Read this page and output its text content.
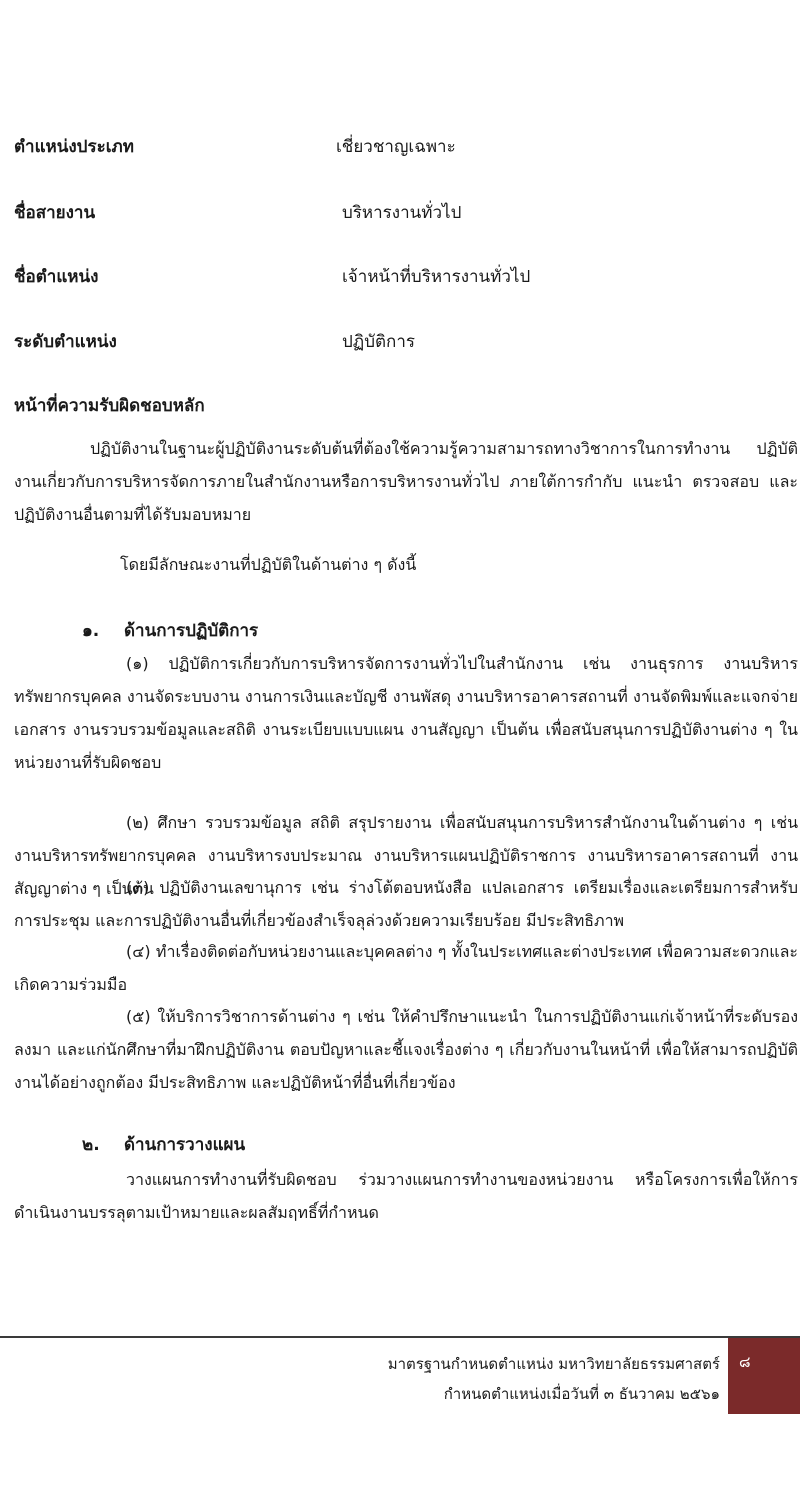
ตำแหน่งประเภท	เชี่ยวชาญเฉพาะ
ชื่อสายงาน	บริหารงานทั่วไป
ชื่อตำแหน่ง	เจ้าหน้าที่บริหารงานทั่วไป
ระดับตำแหน่ง	ปฏิบัติการ
หน้าที่ความรับผิดชอบหลัก

ปฏิบัติงานในฐานะผู้ปฏิบัติงานระดับต้นที่ต้องใช้ความรู้ความสามารถทางวิชาการในการทำงาน ปฏิบัติงานเกี่ยวกับการบริหารจัดการภายในสำนักงานหรือการบริหารงานทั่วไป ภายใต้การกำกับ แนะนำ ตรวจสอบ และปฏิบัติงานอื่นตามที่ได้รับมอบหมาย

โดยมีลักษณะงานที่ปฏิบัติในด้านต่าง ๆ ดังนี้

๑. ด้านการปฏิบัติการ

(๑) ปฏิบัติการเกี่ยวกับการบริหารจัดการงานทั่วไปในสำนักงาน เช่น งานธุรการ งานบริหารทรัพยากรบุคคล งานจัดระบบงาน งานการเงินและบัญชี งานพัสดุ งานบริหารอาคารสถานที่ งานจัดพิมพ์และแจกจ่ายเอกสาร งานรวบรวมข้อมูลและสถิติ งานระเบียบแบบแผน งานสัญญา เป็นต้น เพื่อสนับสนุนการปฏิบัติงานต่าง ๆ ในหน่วยงานที่รับผิดชอบ

(๒) ศึกษา รวบรวมข้อมูล สถิติ สรุปรายงาน เพื่อสนับสนุนการบริหารสำนักงานในด้านต่าง ๆ เช่น งานบริหารทรัพยากรบุคคล งานบริหารงบประมาณ งานบริหารแผนปฏิบัติราชการ งานบริหารอาคารสถานที่ งานสัญญาต่าง ๆ เป็นต้น

(๓) ปฏิบัติงานเลขานุการ เช่น ร่างโต้ตอบหนังสือ แปลเอกสาร เตรียมเรื่องและเตรียมการสำหรับการประชุม และการปฏิบัติงานอื่นที่เกี่ยวข้องสำเร็จลุล่วงด้วยความเรียบร้อย มีประสิทธิภาพ

(๔) ทำเรื่องติดต่อกับหน่วยงานและบุคคลต่าง ๆ ทั้งในประเทศและต่างประเทศ เพื่อความสะดวกและเกิดความร่วมมือ

(๕) ให้บริการวิชาการด้านต่าง ๆ เช่น ให้คำปรึกษาแนะนำ ในการปฏิบัติงานแก่เจ้าหน้าที่ระดับรองลงมา และแก่นักศึกษาที่มาฝึกปฏิบัติงาน ตอบปัญหาและชี้แจงเรื่องต่าง ๆ เกี่ยวกับงานในหน้าที่ เพื่อให้สามารถปฏิบัติงานได้อย่างถูกต้อง มีประสิทธิภาพ และปฏิบัติหน้าที่อื่นที่เกี่ยวข้อง

๒. ด้านการวางแผน

วางแผนการทำงานที่รับผิดชอบ ร่วมวางแผนการทำงานของหน่วยงาน หรือโครงการเพื่อให้การดำเนินงานบรรลุตามเป้าหมายและผลสัมฤทธิ์ที่กำหนด

มาตรฐานกำหนดตำแหน่ง มหาวิทยาลัยธรรมศาสตร์
กำหนดตำแหน่งเมื่อวันที่ ๓ ธันวาคม ๒๕๖๑
๘
